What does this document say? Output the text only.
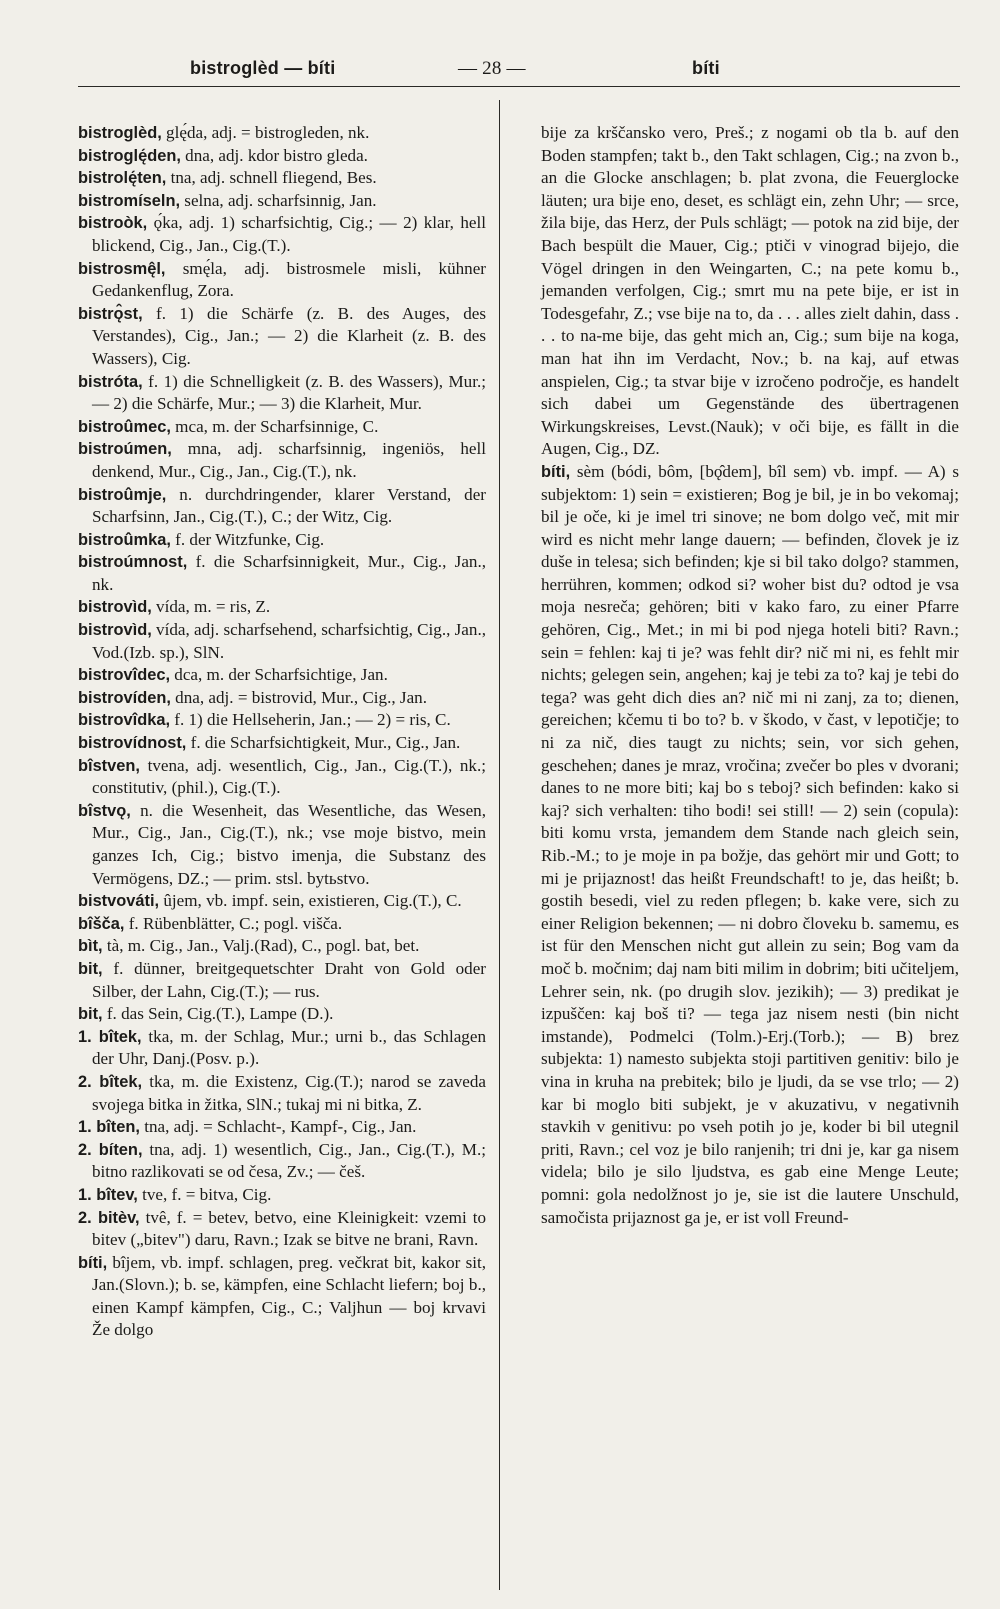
bistroglèd — bíti	— 28 —	bíti

bistroglèd, glę́da, adj. = bistrogleden, nk.

bistroglę́den, dna, adj. kdor bistro gleda.

bistrolę́ten, tna, adj. schnell fliegend, Bes.

bistromíseln, selna, adj. scharfsinnig, Jan.

bistroòk, ǫ́ka, adj. 1) scharfsichtig, Cig.; — 2) klar, hell blickend, Cig., Jan., Cig.(T.).

bistrosmę̂l, smę́la, adj. bistrosmele misli, kühner Gedankenflug, Zora.

bistrǫ̂st, f. 1) die Schärfe (z. B. des Auges, des Verstandes), Cig., Jan.; — 2) die Klarheit (z. B. des Wassers), Cig.

bistróta, f. 1) die Schnelligkeit (z. B. des Wassers), Mur.; — 2) die Schärfe, Mur.; — 3) die Klarheit, Mur.

bistroûmec, mca, m. der Scharfsinnige, C.

bistroúmen, mna, adj. scharfsinnig, ingeniös, hell denkend, Mur., Cig., Jan., Cig.(T.), nk.

bistroûmje, n. durchdringender, klarer Verstand, der Scharfsinn, Jan., Cig.(T.), C.; der Witz, Cig.

bistroûmka, f. der Witzfunke, Cig.

bistroúmnost, f. die Scharfsinnigkeit, Mur., Cig., Jan., nk.

bistrovìd, vída, m. = ris, Z.

bistrovìd, vída, adj. scharfsehend, scharfsichtig, Cig., Jan., Vod.(Izb. sp.), SlN.

bistrovîdec, dca, m. der Scharfsichtige, Jan.

bistrovíden, dna, adj. = bistrovid, Mur., Cig., Jan.

bistrovîdka, f. 1) die Hellseherin, Jan.; — 2) = ris, C.

bistrovídnost, f. die Scharfsichtigkeit, Mur., Cig., Jan.

bîstven, tvena, adj. wesentlich, Cig., Jan., Cig.(T.), nk.; constitutiv, (phil.), Cig.(T.).

bîstvǫ, n. die Wesenheit, das Wesentliche, das Wesen, Mur., Cig., Jan., Cig.(T.), nk.; vse moje bistvo, mein ganzes Ich, Cig.; bistvo imenja, die Substanz des Vermögens, DZ.; — prim. stsl. bytьstvo.

bistvováti, ûjem, vb. impf. sein, existieren, Cig.(T.), C.

bîšča, f. Rübenblätter, C.; pogl. višča.

bìt, tà, m. Cig., Jan., Valj.(Rad), C., pogl. bat, bet.

bit, f. dünner, breitgequetschter Draht von Gold oder Silber, der Lahn, Cig.(T.); — rus.

bit, f. das Sein, Cig.(T.), Lampe (D.).

1. bîtek, tka, m. der Schlag, Mur.; urni b., das Schlagen der Uhr, Danj.(Posv. p.).

2. bîtek, tka, m. die Existenz, Cig.(T.); narod se zaveda svojega bitka in žitka, SlN.; tukaj mi ni bitka, Z.

1. bîten, tna, adj. = Schlacht-, Kampf-, Cig., Jan.

2. bíten, tna, adj. 1) wesentlich, Cig., Jan., Cig.(T.), M.; bitno razlikovati se od česa, Zv.; — češ.

1. bîtev, tve, f. = bitva, Cig.

2. bitèv, tvê, f. = betev, betvo, eine Kleinigkeit: vzemi to bitev („bitev") daru, Ravn.; Izak se bitve ne brani, Ravn.

bíti, bîjem, vb. impf. schlagen, preg. večkrat bit, kakor sit, Jan.(Slovn.); b. se, kämpfen, eine Schlacht liefern; boj b., einen Kampf kämpfen, Cig., C.; Valjhun — boj krvavi Že dolgo

bije za krščansko vero, Preš.; z nogami ob tla b. auf den Boden stampfen; takt b., den Takt schlagen, Cig.; na zvon b., an die Glocke anschlagen; b. plat zvona, die Feuerglocke läuten; ura bije eno, deset, es schlägt ein, zehn Uhr; — srce, žila bije, das Herz, der Puls schlägt; — potok na zid bije, der Bach bespült die Mauer, Cig.; ptiči v vinograd bijejo, die Vögel dringen in den Weingarten, C.; na pete komu b., jemanden verfolgen, Cig.; smrt mu na pete bije, er ist in Todesgefahr, Z.; vse bije na to, da . . . alles zielt dahin, dass . . . to na-me bije, das geht mich an, Cig.; sum bije na koga, man hat ihn im Verdacht, Nov.; b. na kaj, auf etwas anspielen, Cig.; ta stvar bije v izročeno področje, es handelt sich dabei um Gegenstände des übertragenen Wirkungskreises, Levst.(Nauk); v oči bije, es fällt in die Augen, Cig., DZ.

bíti, sèm (bódi, bôm, [bǫ̂dem], bîl sem) vb. impf. — A) s subjektom: 1) sein = existieren; Bog je bil, je in bo vekomaj; bil je oče, ki je imel tri sinove; ne bom dolgo več, mit mir wird es nicht mehr lange dauern; — befinden, človek je iz duše in telesa; sich befinden; kje si bil tako dolgo? stammen, herrühren, kommen; odkod si? woher bist du? odtod je vsa moja nesreča; gehören; biti v kako faro, zu einer Pfarre gehören, Cig., Met.; in mi bi pod njega hoteli biti? Ravn.; sein = fehlen: kaj ti je? was fehlt dir? nič mi ni, es fehlt mir nichts; gelegen sein, angehen; kaj je tebi za to? kaj je tebi do tega? was geht dich dies an? nič mi ni zanj, za to; dienen, gereichen; kčemu ti bo to? b. v škodo, v čast, v lepotičje; to ni za nič, dies taugt zu nichts; sein, vor sich gehen, geschehen; danes je mraz, vročina; zvečer bo ples v dvorani; danes to ne more biti; kaj bo s teboj? sich befinden: kako si kaj? sich verhalten: tiho bodi! sei still! — 2) sein (copula): biti komu vrsta, jemandem dem Stande nach gleich sein, Rib.-M.; to je moje in pa božje, das gehört mir und Gott; to mi je prijaznost! das heißt Freundschaft! to je, das heißt; b. gostih besedi, viel zu reden pflegen; b. kake vere, sich zu einer Religion bekennen; — ni dobro človeku b. samemu, es ist für den Menschen nicht gut allein zu sein; Bog vam da moč b. močnim; daj nam biti milim in dobrim; biti učiteljem, Lehrer sein, nk. (po drugih slov. jezikih); — 3) predikat je izpuščen: kaj boš ti? — tega jaz nisem nesti (bin nicht imstande), Podmelci (Tolm.)-Erj.(Torb.); — B) brez subjekta: 1) namesto subjekta stoji partitiven genitiv: bilo je vina in kruha na prebitek; bilo je ljudi, da se vse trlo; — 2) kar bi moglo biti subjekt, je v akuzativu, v negativnih stavkih v genitivu: po vseh potih jo je, koder bi bil utegnil priti, Ravn.; cel voz je bilo ranjenih; tri dni je, kar ga nisem videla; bilo je silo ljudstva, es gab eine Menge Leute; pomni: gola nedolžnost jo je, sie ist die lautere Unschuld, samočista prijaznost ga je, er ist voll Freund-
